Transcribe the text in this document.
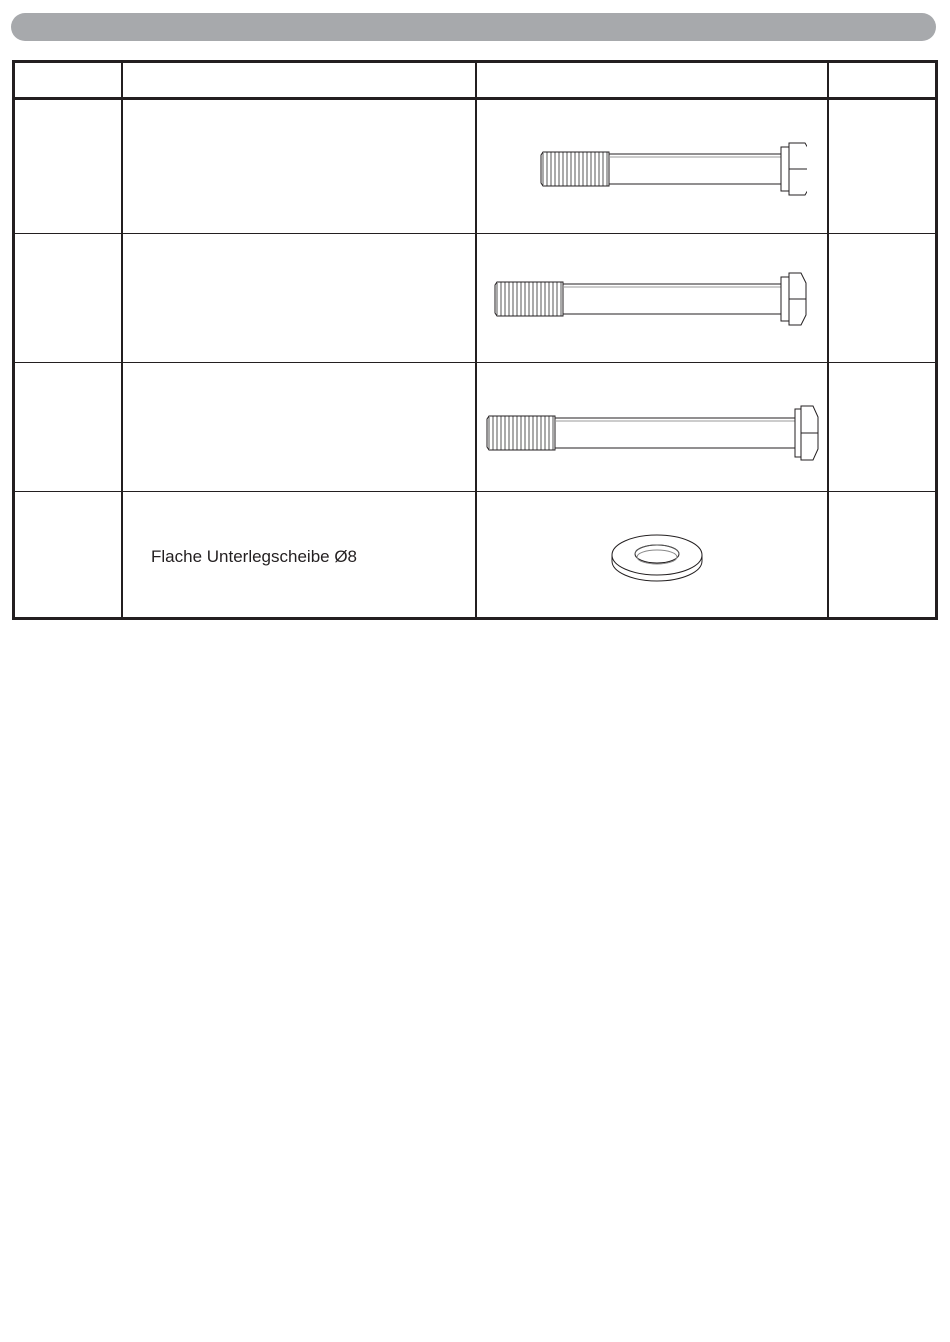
Flache Unterlegscheibe Ø8
